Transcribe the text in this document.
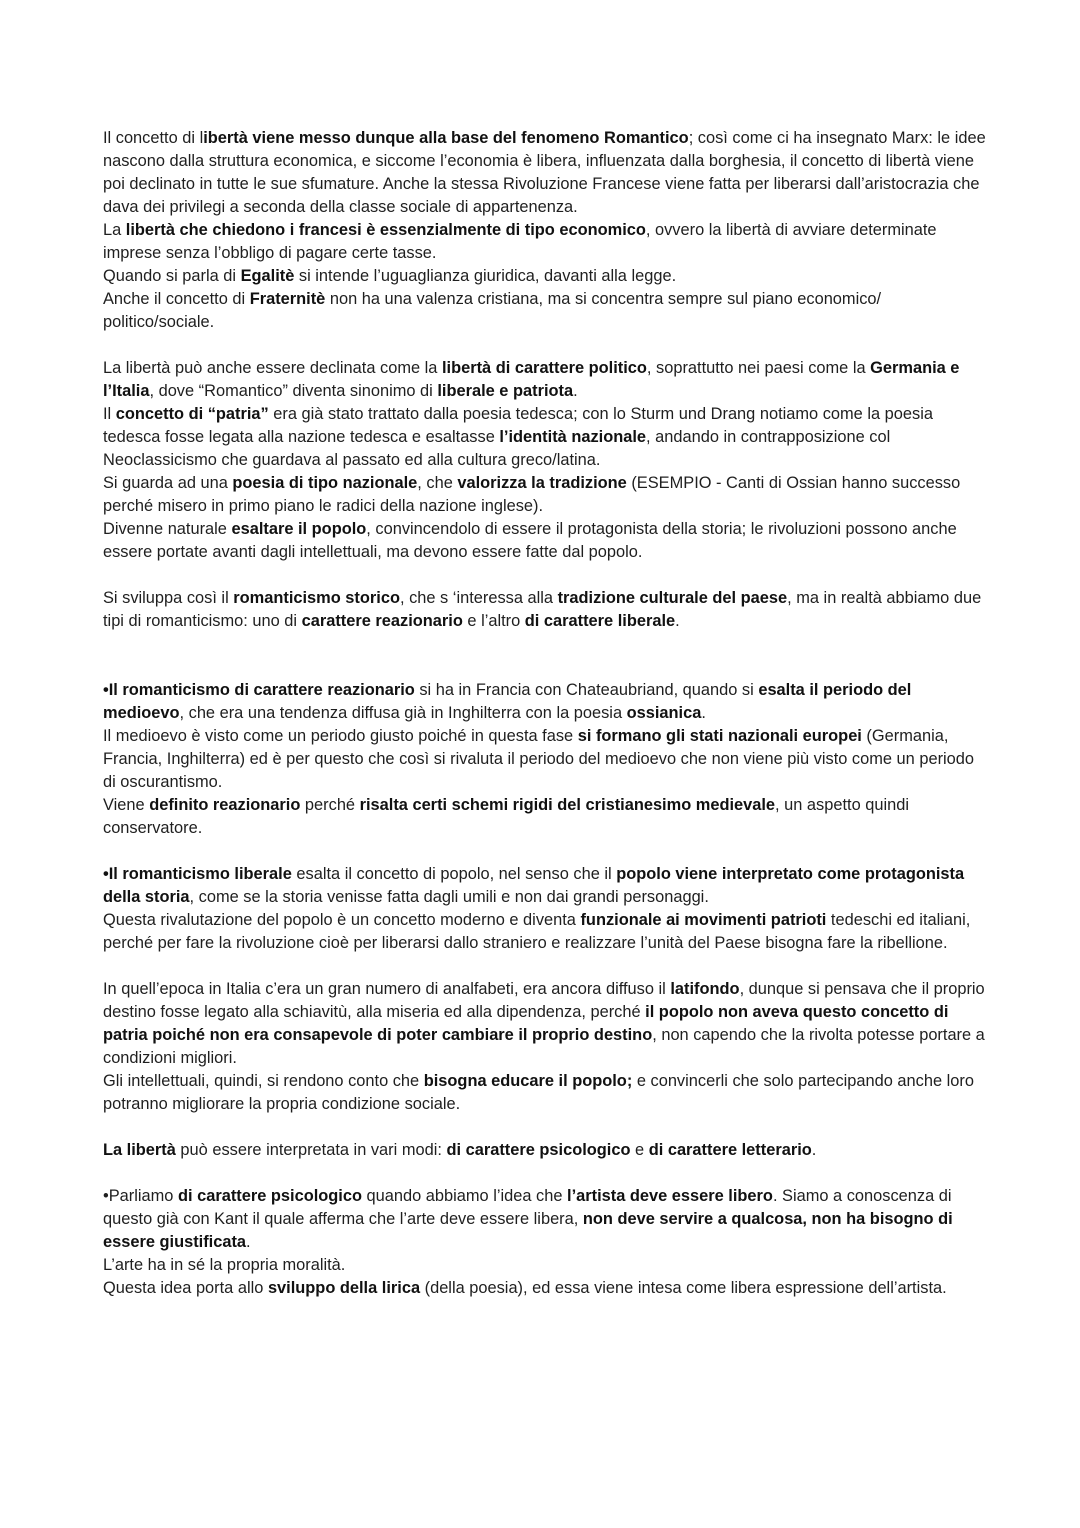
Il concetto di libertà viene messo dunque alla base del fenomeno Romantico; così come ci ha insegnato Marx: le idee nascono dalla struttura economica, e siccome l’economia è libera, influenzata dalla borghesia, il concetto di libertà viene poi declinato in tutte le sue sfumature. Anche la stessa Rivoluzione Francese viene fatta per liberarsi dall’aristocrazia che dava dei privilegi a seconda della classe sociale di appartenenza.

La libertà che chiedono i francesi è essenzialmente di tipo economico, ovvero la libertà di avviare determinate imprese senza l’obbligo di pagare certe tasse.

Quando si parla di Egalitè si intende l’uguaglianza giuridica, davanti alla legge.

Anche il concetto di Fraternitè non ha una valenza cristiana, ma si concentra sempre sul piano economico/ politico/sociale.

La libertà può anche essere declinata come la libertà di carattere politico, soprattutto nei paesi come la Germania e l’Italia, dove “Romantico” diventa sinonimo di liberale e patriota.

Il concetto di “patria” era già stato trattato dalla poesia tedesca; con lo Sturm und Drang notiamo come la poesia tedesca fosse legata alla nazione tedesca e esaltasse l’identità nazionale, andando in contrapposizione col Neoclassicismo che guardava al passato ed alla cultura greco/latina.

Si guarda ad una poesia di tipo nazionale, che valorizza la tradizione (ESEMPIO - Canti di Ossian hanno successo perché misero in primo piano le radici della nazione inglese).

Divenne naturale esaltare il popolo, convincendolo di essere il protagonista della storia; le rivoluzioni possono anche essere portate avanti dagli intellettuali, ma devono essere fatte dal popolo.

Si sviluppa così il romanticismo storico, che s ‘interessa alla tradizione culturale del paese, ma in realtà abbiamo due tipi di romanticismo: uno di carattere reazionario e l’altro di carattere liberale.

•Il romanticismo di carattere reazionario si ha in Francia con Chateaubriand, quando si esalta il periodo del medioevo, che era una tendenza diffusa già in Inghilterra con la poesia ossianica.

Il medioevo è visto come un periodo giusto poiché in questa fase si formano gli stati nazionali europei (Germania, Francia, Inghilterra) ed è per questo che così si rivaluta il periodo del medioevo che non viene più visto come un periodo di oscurantismo.

Viene definito reazionario perché risalta certi schemi rigidi del cristianesimo medievale, un aspetto quindi conservatore.

•Il romanticismo liberale esalta il concetto di popolo, nel senso che il popolo viene interpretato come protagonista della storia, come se la storia venisse fatta dagli umili e non dai grandi personaggi.

Questa rivalutazione del popolo è un concetto moderno e diventa funzionale ai movimenti patrioti tedeschi ed italiani, perché per fare la rivoluzione cioè per liberarsi dallo straniero e realizzare l’unità del Paese bisogna fare la ribellione.

In quell’epoca in Italia c’era un gran numero di analfabeti, era ancora diffuso il latifondo, dunque si pensava che il proprio destino fosse legato alla schiavitù, alla miseria ed alla dipendenza, perché il popolo non aveva questo concetto di patria poiché non era consapevole di poter cambiare il proprio destino, non capendo che la rivolta potesse portare a condizioni migliori.

Gli intellettuali, quindi, si rendono conto che bisogna educare il popolo; e convincerli che solo partecipando anche loro potranno migliorare la propria condizione sociale.

La libertà può essere interpretata in vari modi: di carattere psicologico e di carattere letterario.

•Parliamo di carattere psicologico quando abbiamo l’idea che l’artista deve essere libero. Siamo a conoscenza di questo già con Kant il quale afferma che l’arte deve essere libera, non deve servire a qualcosa, non ha bisogno di essere giustificata.

L’arte ha in sé la propria moralità.

Questa idea porta allo sviluppo della lirica (della poesia), ed essa viene intesa come libera espressione dell’artista.
